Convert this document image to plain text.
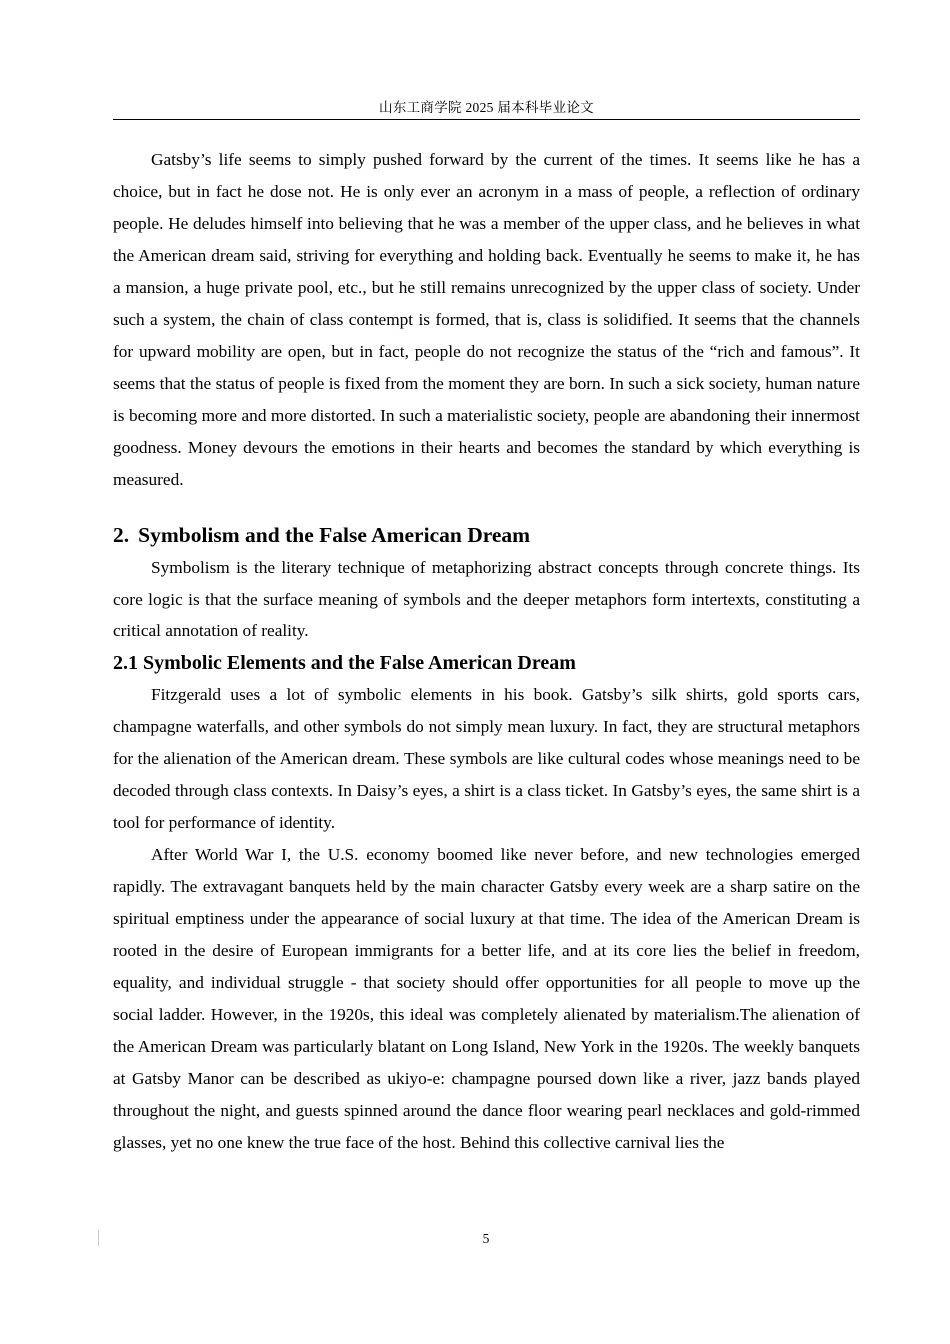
山东工商学院 2025 届本科毕业论文

Gatsby’s life seems to simply pushed forward by the current of the times. It seems like he has a choice, but in fact he dose not. He is only ever an acronym in a mass of people, a reflection of ordinary people. He deludes himself into believing that he was a member of the upper class, and he believes in what the American dream said, striving for everything and holding back. Eventually he seems to make it, he has a mansion, a huge private pool, etc., but he still remains unrecognized by the upper class of society. Under such a system, the chain of class contempt is formed, that is, class is solidified. It seems that the channels for upward mobility are open, but in fact, people do not recognize the status of the “rich and famous”. It seems that the status of people is fixed from the moment they are born. In such a sick society, human nature is becoming more and more distorted. In such a materialistic society, people are abandoning their innermost goodness. Money devours the emotions in their hearts and becomes the standard by which everything is measured.

2. Symbolism and the False American Dream

Symbolism is the literary technique of metaphorizing abstract concepts through concrete things. Its core logic is that the surface meaning of symbols and the deeper metaphors form intertexts, constituting a critical annotation of reality.

2.1 Symbolic Elements and the False American Dream

Fitzgerald uses a lot of symbolic elements in his book. Gatsby’s silk shirts, gold sports cars, champagne waterfalls, and other symbols do not simply mean luxury. In fact, they are structural metaphors for the alienation of the American dream. These symbols are like cultural codes whose meanings need to be decoded through class contexts. In Daisy’s eyes, a shirt is a class ticket. In Gatsby’s eyes, the same shirt is a tool for performance of identity.

After World War I, the U.S. economy boomed like never before, and new technologies emerged rapidly. The extravagant banquets held by the main character Gatsby every week are a sharp satire on the spiritual emptiness under the appearance of social luxury at that time. The idea of the American Dream is rooted in the desire of European immigrants for a better life, and at its core lies the belief in freedom, equality, and individual struggle - that society should offer opportunities for all people to move up the social ladder. However, in the 1920s, this ideal was completely alienated by materialism.The alienation of the American Dream was particularly blatant on Long Island, New York in the 1920s. The weekly banquets at Gatsby Manor can be described as ukiyo-e: champagne poursed down like a river, jazz bands played throughout the night, and guests spinned around the dance floor wearing pearl necklaces and gold-rimmed glasses, yet no one knew the true face of the host. Behind this collective carnival lies the

5
